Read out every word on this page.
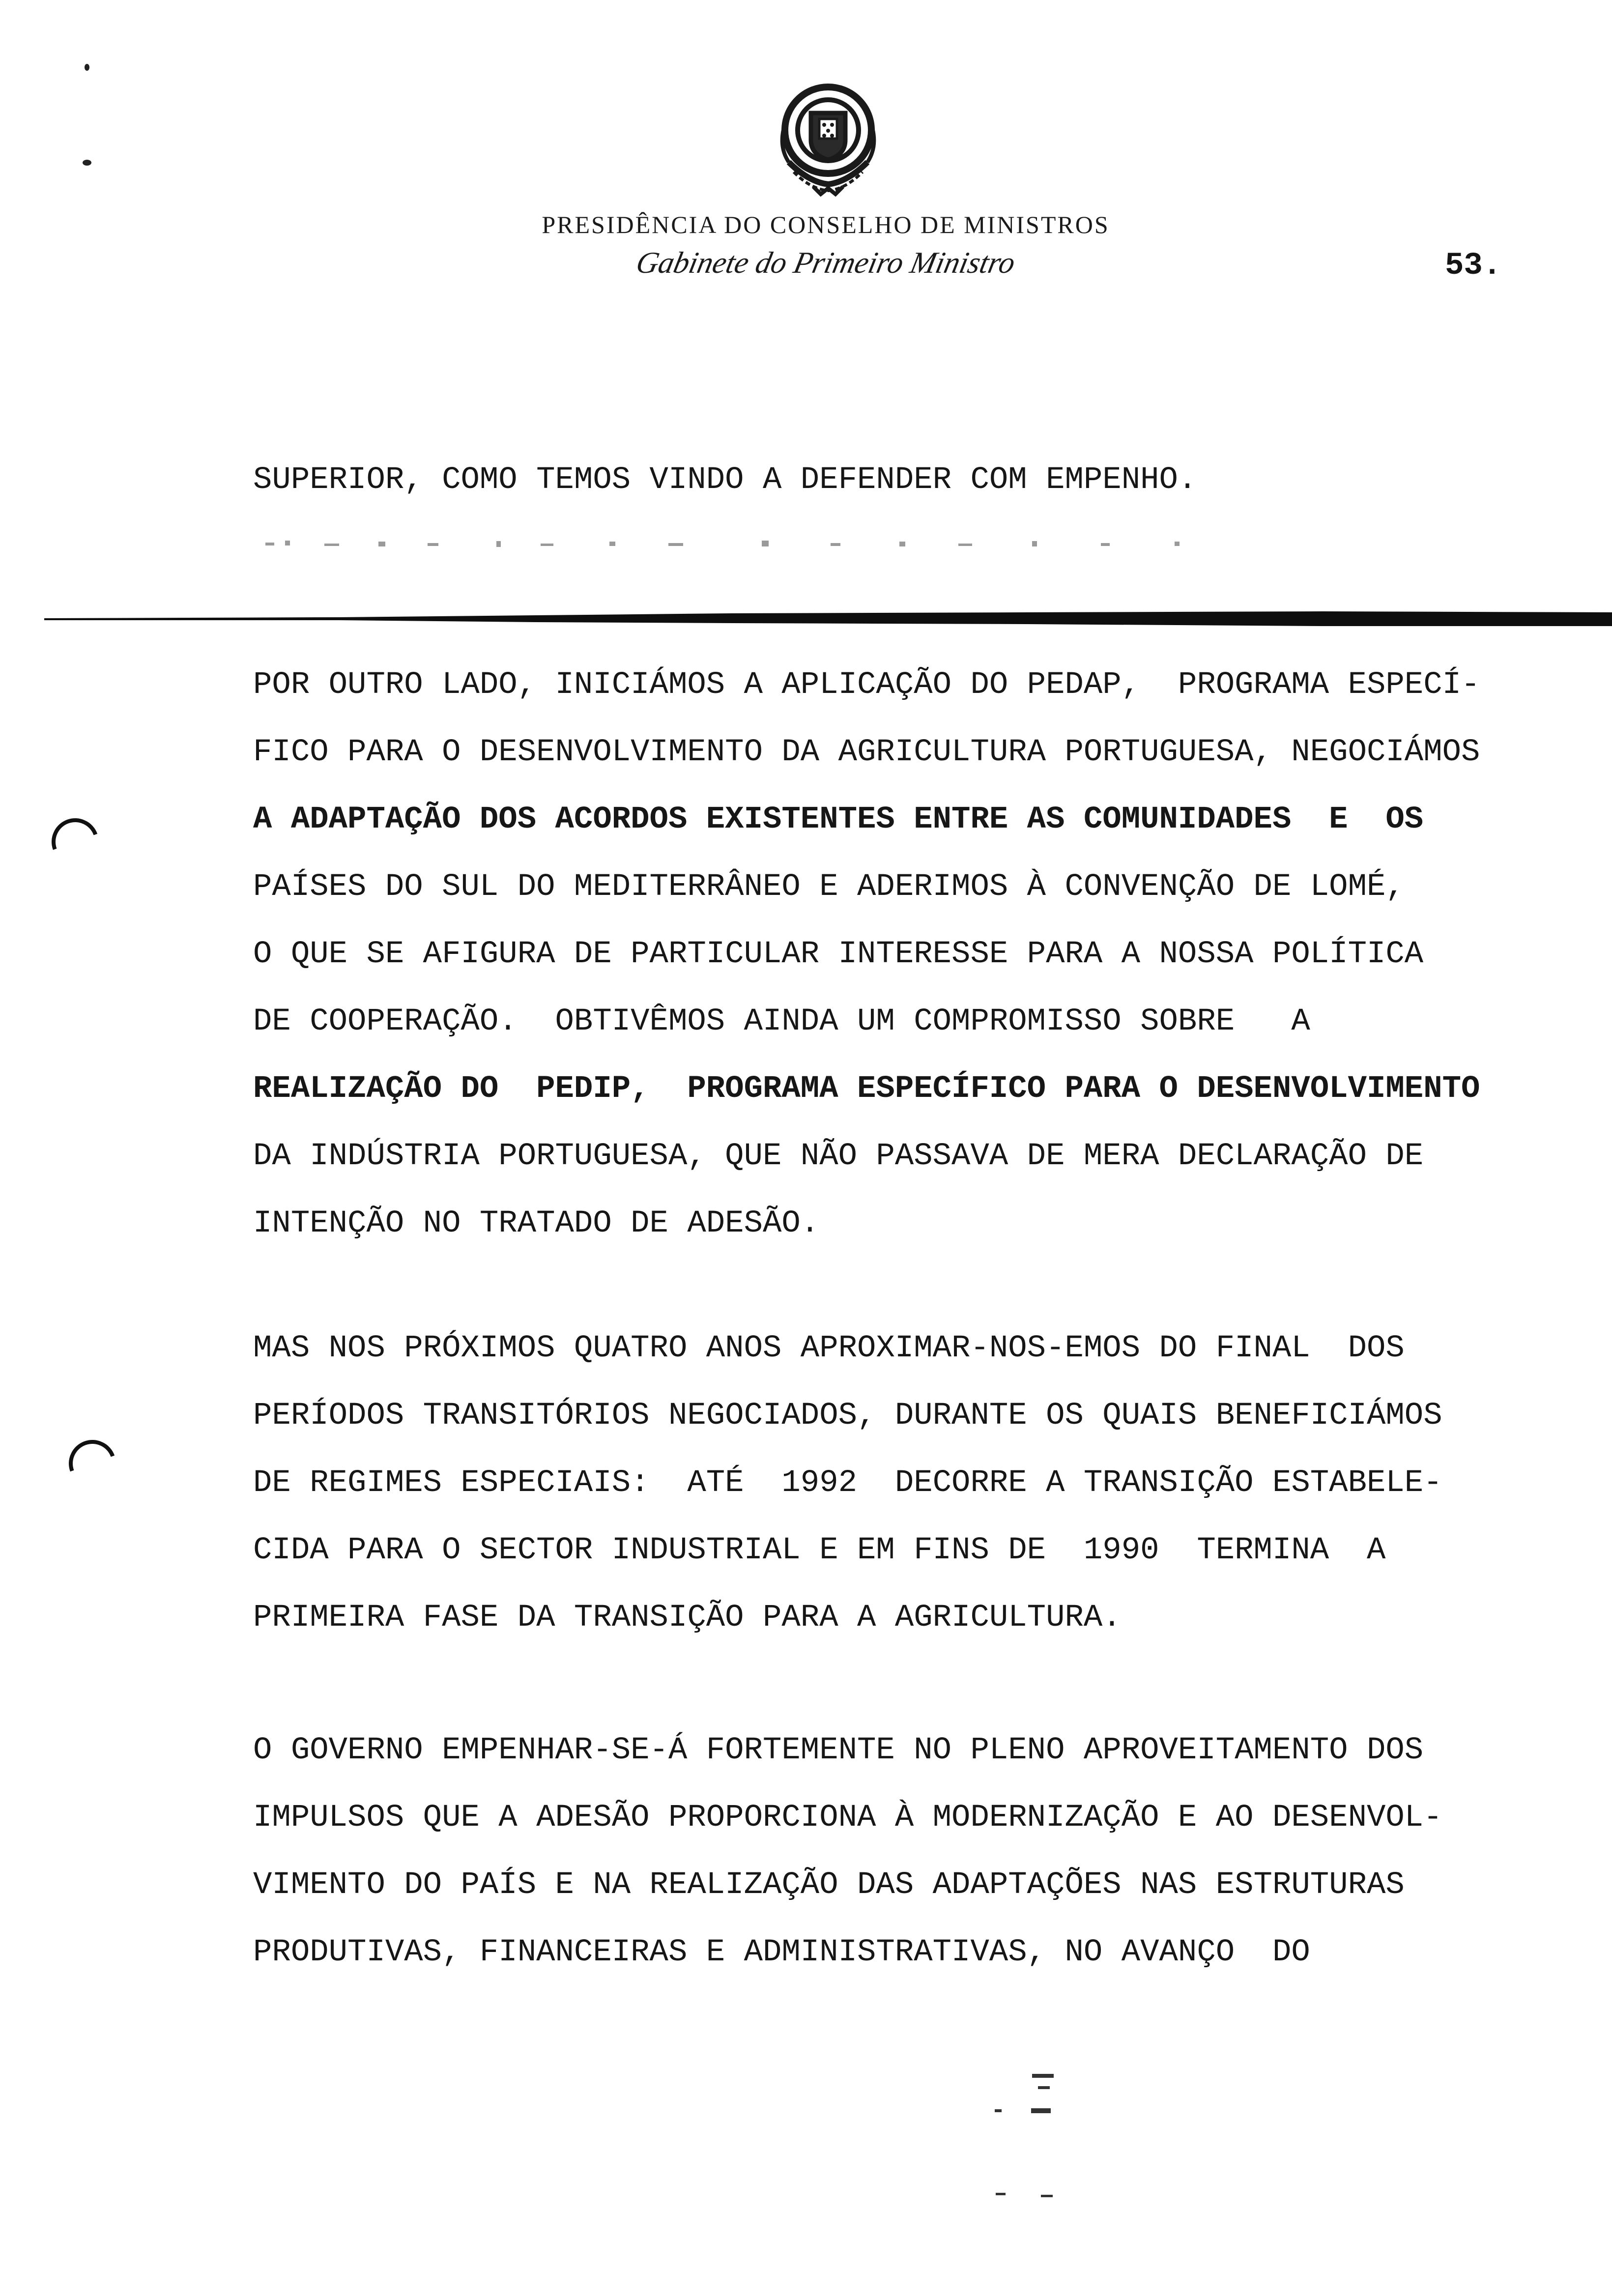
PRESIDÊNCIA DO CONSELHO DE MINISTROS
Gabinete do Primeiro Ministro	53.
SUPERIOR, COMO TEMOS VINDO A DEFENDER COM EMPENHO.
POR OUTRO LADO, INICIÁMOS A APLICAÇÃO DO PEDAP,  PROGRAMA ESPECÍ-
FICO PARA O DESENVOLVIMENTO DA AGRICULTURA PORTUGUESA, NEGOCIÁMOS
A ADAPTAÇÃO DOS ACORDOS EXISTENTES ENTRE AS COMUNIDADES  E  OS
PAÍSES DO SUL DO MEDITERRÂNEO E ADERIMOS À CONVENÇÃO DE LOMÉ,
O QUE SE AFIGURA DE PARTICULAR INTERESSE PARA A NOSSA POLÍTICA
DE COOPERAÇÃO.  OBTIVÊMOS AINDA UM COMPROMISSO SOBRE   A
REALIZAÇÃO DO  PEDIP,  PROGRAMA ESPECÍFICO PARA O DESENVOLVIMENTO
DA INDÚSTRIA PORTUGUESA, QUE NÃO PASSAVA DE MERA DECLARAÇÃO DE
INTENÇÃO NO TRATADO DE ADESÃO.
MAS NOS PRÓXIMOS QUATRO ANOS APROXIMAR-NOS-EMOS DO FINAL  DOS
PERÍODOS TRANSITÓRIOS NEGOCIADOS, DURANTE OS QUAIS BENEFICIÁMOS
DE REGIMES ESPECIAIS:  ATÉ  1992  DECORRE A TRANSIÇÃO ESTABELE-
CIDA PARA O SECTOR INDUSTRIAL E EM FINS DE  1990  TERMINA  A
PRIMEIRA FASE DA TRANSIÇÃO PARA A AGRICULTURA.
O GOVERNO EMPENHAR-SE-Á FORTEMENTE NO PLENO APROVEITAMENTO DOS
IMPULSOS QUE A ADESÃO PROPORCIONA À MODERNIZAÇÃO E AO DESENVOL-
VIMENTO DO PAÍS E NA REALIZAÇÃO DAS ADAPTAÇÕES NAS ESTRUTURAS
PRODUTIVAS, FINANCEIRAS E ADMINISTRATIVAS, NO AVANÇO  DO
